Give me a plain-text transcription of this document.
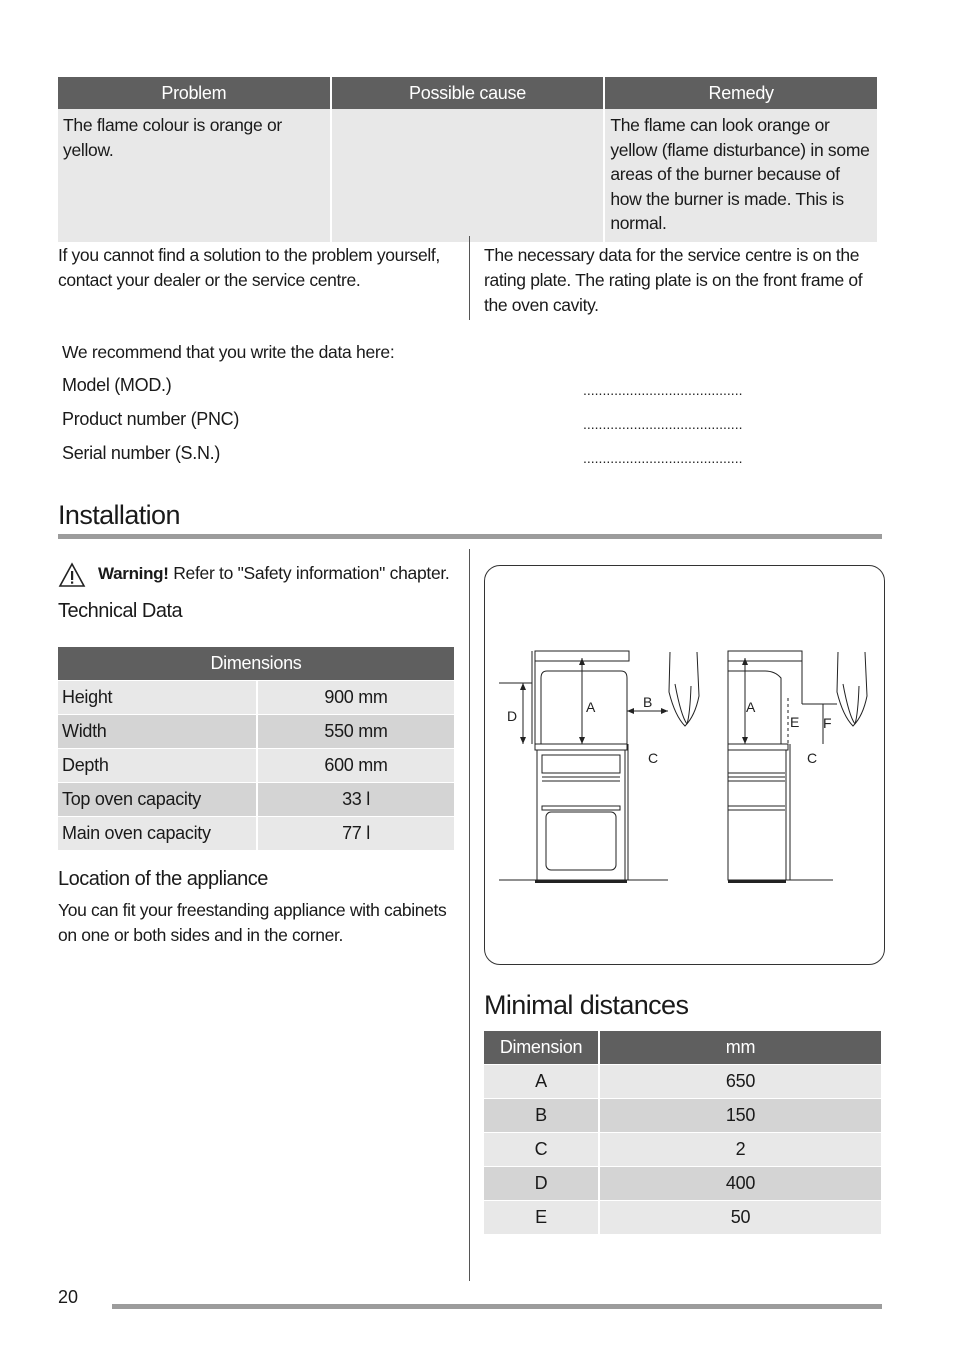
Problem	Possible cause	Remedy
The flame colour is orange or yellow.		The flame can look orange or yellow (flame disturbance) in some areas of the burner because of how the burner is made. This is normal.
If you cannot find a solution to the problem yourself, contact your dealer or the service centre.
The necessary data for the service centre is on the rating plate. The rating plate is on the front frame of the oven cavity.
We recommend that you write the data here:
Model (MOD.)	.........................................
Product number (PNC)	.........................................
Serial number (S.N.)	.........................................
Installation
Warning! Refer to "Safety information" chapter.
Technical Data
Dimensions	
Height	900 mm
Width	550 mm
Depth	600 mm
Top oven capacity	33 l
Main oven capacity	77 l
Location of the appliance
You can fit your freestanding appliance with cabinets on one or both sides and in the corner.
D
A	B
C
A
E F
C
Minimal distances
Dimension	mm
A	650
B	150
C	2
D	400
E	50
20
